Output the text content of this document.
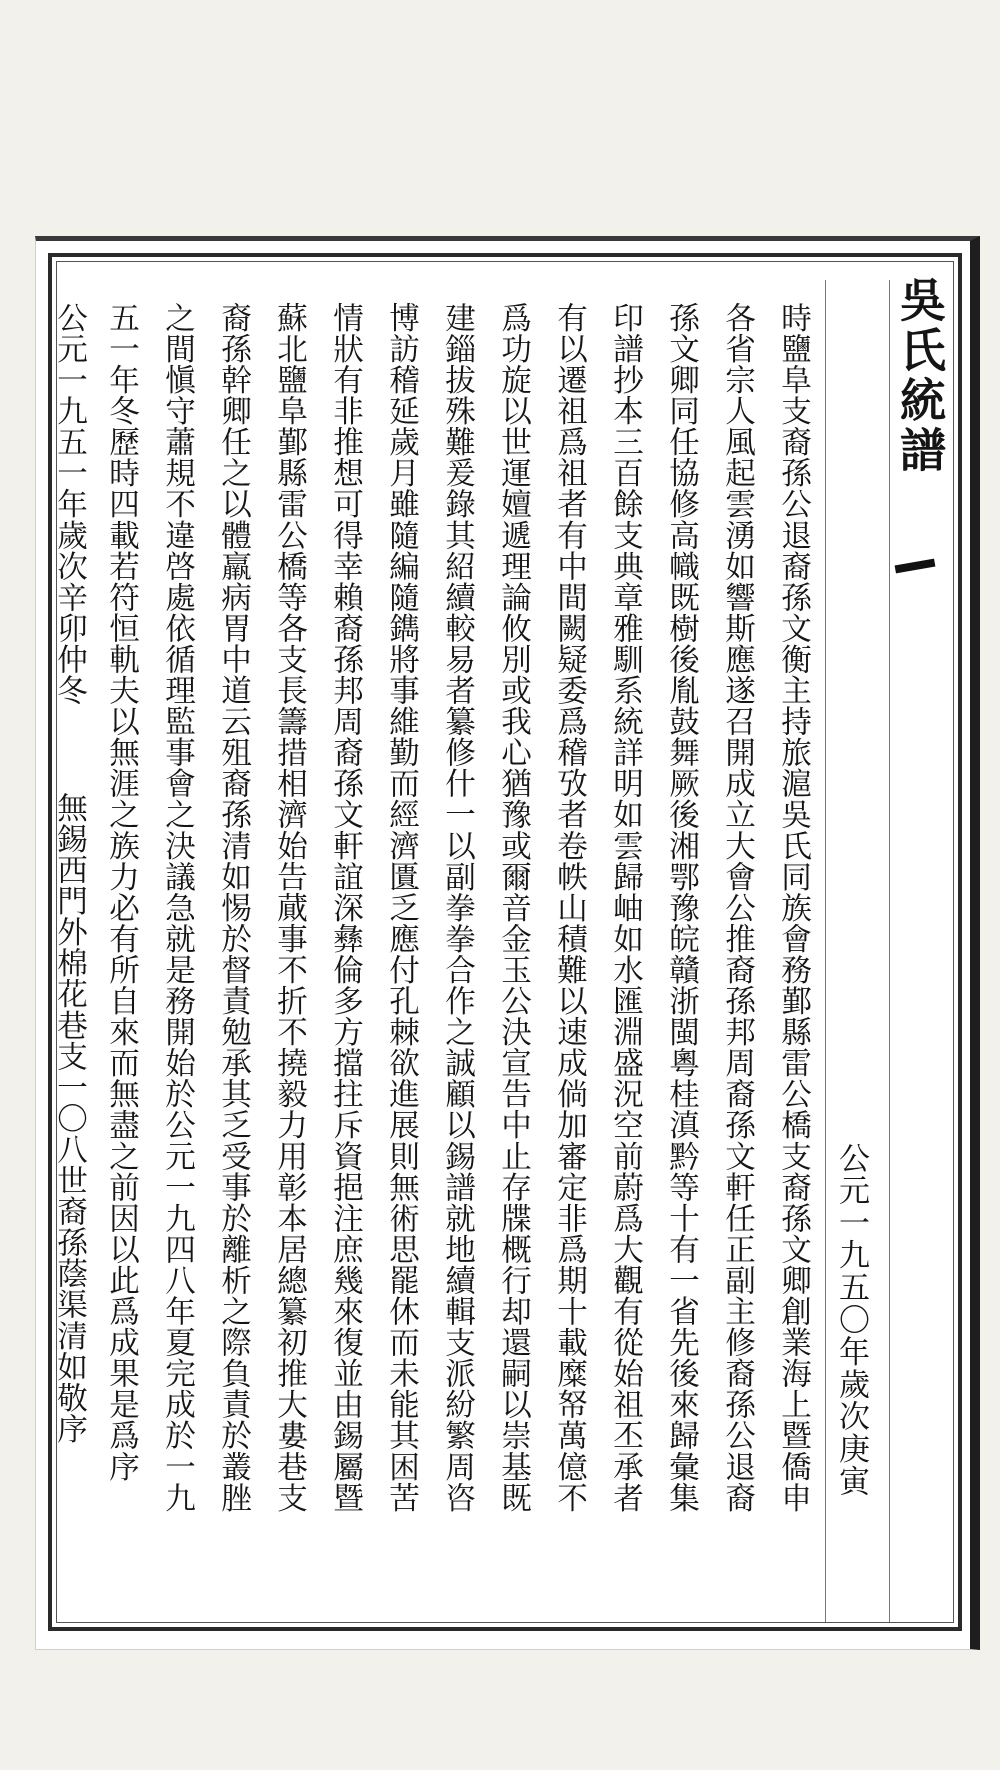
吳氏統譜
公元一九五〇年歲次庚寅
時鹽阜支裔孫公退裔孫文衡主持旅滬吳氏同族會務鄞縣雷公橋支裔孫文卿創業海上暨僑申
各省宗人風起雲湧如響斯應遂召開成立大會公推裔孫邦周裔孫文軒任正副主修裔孫公退裔
孫文卿同任協修高幟既樹後胤鼓舞厥後湘鄂豫皖贛浙閩粵桂滇黔等十有一省先後來歸彙集
印譜抄本三百餘支典章雅馴系統詳明如雲歸岫如水匯淵盛況空前蔚爲大觀有從始祖丕承者
有以遷祖爲祖者有中間闕疑委爲稽攷者卷帙山積難以速成倘加審定非爲期十載糜帑萬億不
爲功旋以世運嬗遞理論攸別或我心猶豫或爾音金玉公決宣告中止存牒概行却還嗣以崇基既
建錙拔殊難爰錄其紹續較易者纂修什一以副拳拳合作之誠顧以錫譜就地續輯支派紛繁周咨
博訪稽延歲月雖隨編隨鐫將事維勤而經濟匱乏應付孔棘欲進展則無術思罷休而未能其困苦
情狀有非推想可得幸賴裔孫邦周裔孫文軒誼深彝倫多方擋拄斥資挹注庶幾來復並由錫屬暨
蘇北鹽阜鄞縣雷公橋等各支長籌措相濟始告蕆事不折不撓毅力用彰本居總纂初推大婁巷支
裔孫幹卿任之以體羸病胃中道云殂裔孫清如惕於督責勉承其乏受事於離析之際負責於叢脞
之間愼守蕭規不違啓處依循理監事會之決議急就是務開始於公元一九四八年夏完成於一九
五一年冬歷時四載若符恒軌夫以無涯之族力必有所自來而無盡之前因以此爲成果是爲序
公元一九五一年歲次辛卯仲冬
無錫西門外棉花巷支一〇八世裔孫蔭渠清如敬序
